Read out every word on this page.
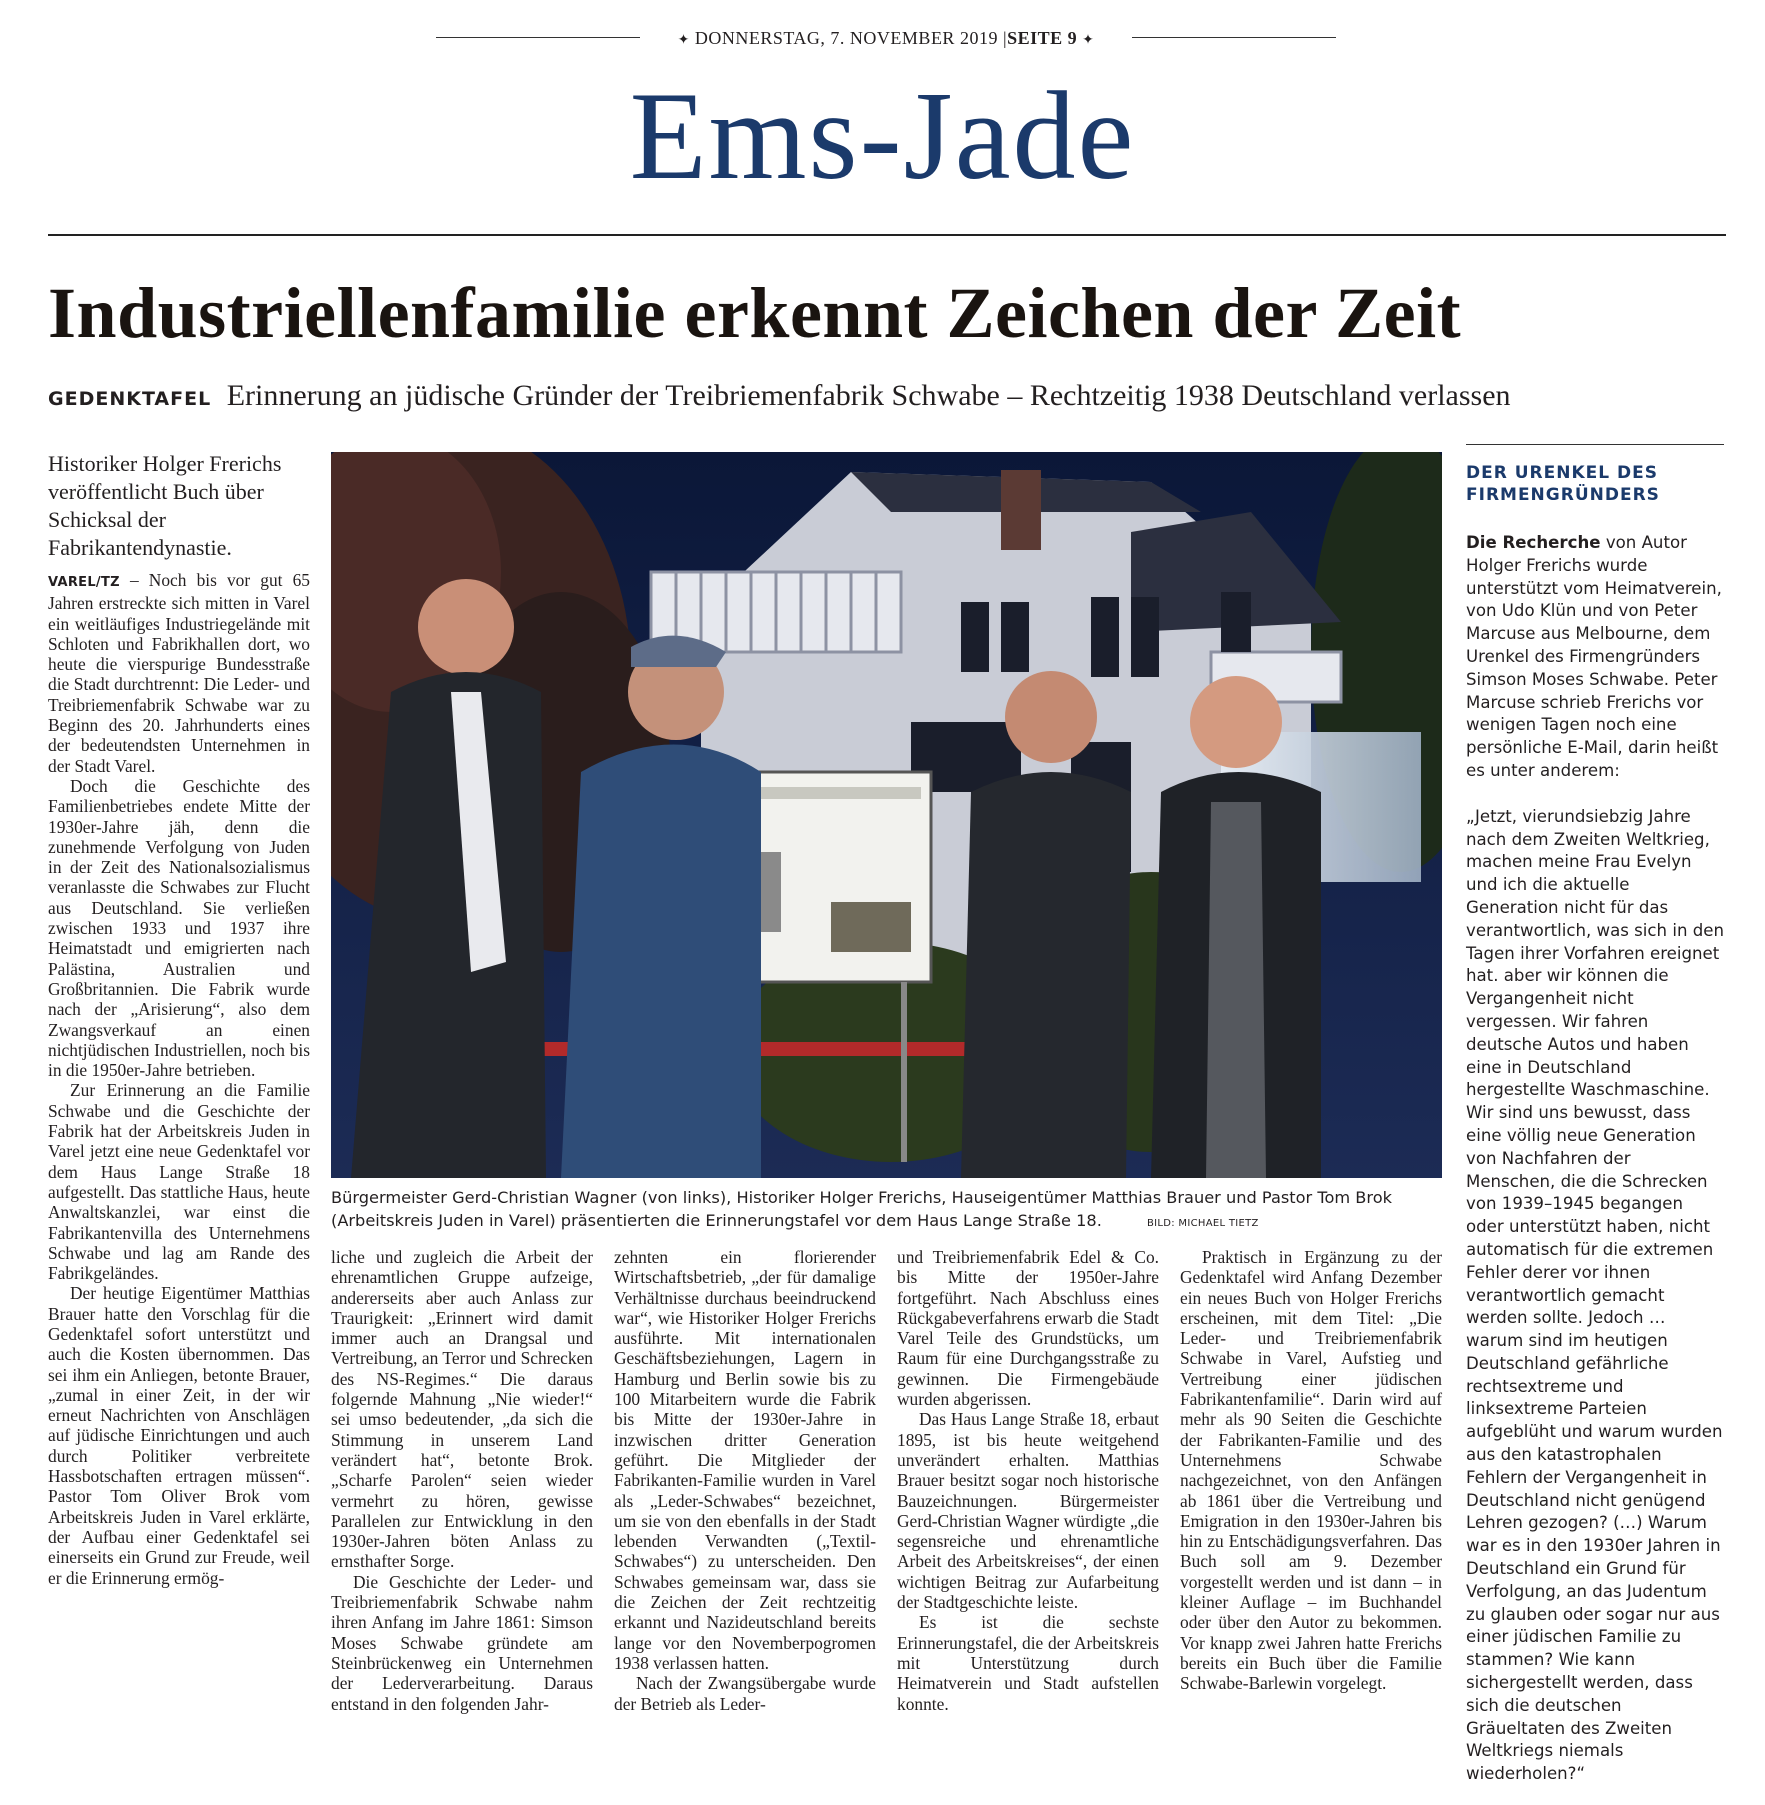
✦ DONNERSTAG, 7. NOVEMBER 2019 |SEITE 9 ✦
Ems-Jade
Industriellenfamilie erkennt Zeichen der Zeit
GEDENKTAFEL Erinnerung an jüdische Gründer der Treibriemenfabrik Schwabe – Rechtzeitig 1938 Deutschland verlassen
Historiker Holger Frerichs veröffentlicht Buch über Schicksal der Fabrikantendynastie.

VAREL/TZ – Noch bis vor gut 65 Jahren erstreckte sich mitten in Varel ein weitläufiges Industriegelände mit Schloten und Fabrikhallen dort, wo heute die vierspurige Bundesstraße die Stadt durchtrennt: Die Leder- und Treibriemenfabrik Schwabe war zu Beginn des 20. Jahrhunderts eines der bedeutendsten Unternehmen in der Stadt Varel.

Doch die Geschichte des Familienbetriebes endete Mitte der 1930er-Jahre jäh, denn die zunehmende Verfolgung von Juden in der Zeit des Nationalsozialismus veranlasste die Schwabes zur Flucht aus Deutschland. Sie verließen zwischen 1933 und 1937 ihre Heimatstadt und emigrierten nach Palästina, Australien und Großbritannien. Die Fabrik wurde nach der „Arisierung“, also dem Zwangsverkauf an einen nichtjüdischen Industriellen, noch bis in die 1950er-Jahre betrieben.

Zur Erinnerung an die Familie Schwabe und die Geschichte der Fabrik hat der Arbeitskreis Juden in Varel jetzt eine neue Gedenktafel vor dem Haus Lange Straße 18 aufgestellt. Das stattliche Haus, heute Anwaltskanzlei, war einst die Fabrikantenvilla des Unternehmens Schwabe und lag am Rande des Fabrikgeländes.

Der heutige Eigentümer Matthias Brauer hatte den Vorschlag für die Gedenktafel sofort unterstützt und auch die Kosten übernommen. Das sei ihm ein Anliegen, betonte Brauer, „zumal in einer Zeit, in der wir erneut Nachrichten von Anschlägen auf jüdische Einrichtungen und auch durch Politiker verbreitete Hassbotschaften ertragen müssen“. Pastor Tom Oliver Brok vom Arbeitskreis Juden in Varel erklärte, der Aufbau einer Gedenktafel sei einerseits ein Grund zur Freude, weil er die Erinnerung ermög-

Bürgermeister Gerd-Christian Wagner (von links), Historiker Holger Frerichs, Hauseigentümer Matthias Brauer und Pastor Tom Brok (Arbeitskreis Juden in Varel) präsentierten die Erinnerungstafel vor dem Haus Lange Straße 18.	BILD: MICHAEL TIETZ

liche und zugleich die Arbeit der ehrenamtlichen Gruppe aufzeige, andererseits aber auch Anlass zur Traurigkeit: „Erinnert wird damit immer auch an Drangsal und Vertreibung, an Terror und Schrecken des NS-Regimes.“ Die daraus folgernde Mahnung „Nie wieder!“ sei umso bedeutender, „da sich die Stimmung in unserem Land verändert hat“, betonte Brok. „Scharfe Parolen“ seien wieder vermehrt zu hören, gewisse Parallelen zur Entwicklung in den 1930er-Jahren böten Anlass zu ernsthafter Sorge.

Die Geschichte der Leder- und Treibriemenfabrik Schwabe nahm ihren Anfang im Jahre 1861: Simson Moses Schwabe gründete am Steinbrückenweg ein Unternehmen der Lederverarbeitung. Daraus entstand in den folgenden Jahr-

zehnten ein florierender Wirtschaftsbetrieb, „der für damalige Verhältnisse durchaus beeindruckend war“, wie Historiker Holger Frerichs ausführte. Mit internationalen Geschäftsbeziehungen, Lagern in Hamburg und Berlin sowie bis zu 100 Mitarbeitern wurde die Fabrik bis Mitte der 1930er-Jahre in inzwischen dritter Generation geführt. Die Mitglieder der Fabrikanten-Familie wurden in Varel als „Leder-Schwabes“ bezeichnet, um sie von den ebenfalls in der Stadt lebenden Verwandten („Textil-Schwabes“) zu unterscheiden. Den Schwabes gemeinsam war, dass sie die Zeichen der Zeit rechtzeitig erkannt und Nazideutschland bereits lange vor den Novemberpogromen 1938 verlassen hatten.

Nach der Zwangsübergabe wurde der Betrieb als Leder-

und Treibriemenfabrik Edel & Co. bis Mitte der 1950er-Jahre fortgeführt. Nach Abschluss eines Rückgabeverfahrens erwarb die Stadt Varel Teile des Grundstücks, um Raum für eine Durchgangsstraße zu gewinnen. Die Firmengebäude wurden abgerissen.

Das Haus Lange Straße 18, erbaut 1895, ist bis heute weitgehend unverändert erhalten. Matthias Brauer besitzt sogar noch historische Bauzeichnungen. Bürgermeister Gerd-Christian Wagner würdigte „die segensreiche und ehrenamtliche Arbeit des Arbeitskreises“, der einen wichtigen Beitrag zur Aufarbeitung der Stadtgeschichte leiste.

Es ist die sechste Erinnerungstafel, die der Arbeitskreis mit Unterstützung durch Heimatverein und Stadt aufstellen konnte.

Praktisch in Ergänzung zu der Gedenktafel wird Anfang Dezember ein neues Buch von Holger Frerichs erscheinen, mit dem Titel: „Die Leder- und Treibriemenfabrik Schwabe in Varel, Aufstieg und Vertreibung einer jüdischen Fabrikantenfamilie“. Darin wird auf mehr als 90 Seiten die Geschichte der Fabrikanten-Familie und des Unternehmens Schwabe nachgezeichnet, von den Anfängen ab 1861 über die Vertreibung und Emigration in den 1930er-Jahren bis hin zu Entschädigungsverfahren. Das Buch soll am 9. Dezember vorgestellt werden und ist dann – in kleiner Auflage – im Buchhandel oder über den Autor zu bekommen. Vor knapp zwei Jahren hatte Frerichs bereits ein Buch über die Familie Schwabe-Barlewin vorgelegt.

DER URENKEL DES FIRMENGRÜNDERS

Die Recherche von Autor Holger Frerichs wurde unterstützt vom Heimatverein, von Udo Klün und von Peter Marcuse aus Melbourne, dem Urenkel des Firmengründers Simson Moses Schwabe. Peter Marcuse schrieb Frerichs vor wenigen Tagen noch eine persönliche E-Mail, darin heißt es unter anderem:

„Jetzt, vierundsiebzig Jahre nach dem Zweiten Weltkrieg, machen meine Frau Evelyn und ich die aktuelle Generation nicht für das verantwortlich, was sich in den Tagen ihrer Vorfahren ereignet hat. aber wir können die Vergangenheit nicht vergessen. Wir fahren deutsche Autos und haben eine in Deutschland hergestellte Waschmaschine. Wir sind uns bewusst, dass eine völlig neue Generation von Nachfahren der Menschen, die die Schrecken von 1939–1945 begangen oder unterstützt haben, nicht automatisch für die extremen Fehler derer vor ihnen verantwortlich gemacht werden sollte. Jedoch … warum sind im heutigen Deutschland gefährliche rechtsextreme und linksextreme Parteien aufgeblüht und warum wurden aus den katastrophalen Fehlern der Vergangenheit in Deutschland nicht genügend Lehren gezogen? (…) Warum war es in den 1930er Jahren in Deutschland ein Grund für Verfolgung, an das Judentum zu glauben oder sogar nur aus einer jüdischen Familie zu stammen? Wie kann sichergestellt werden, dass sich die deutschen Gräueltaten des Zweiten Weltkriegs niemals wiederholen?“
